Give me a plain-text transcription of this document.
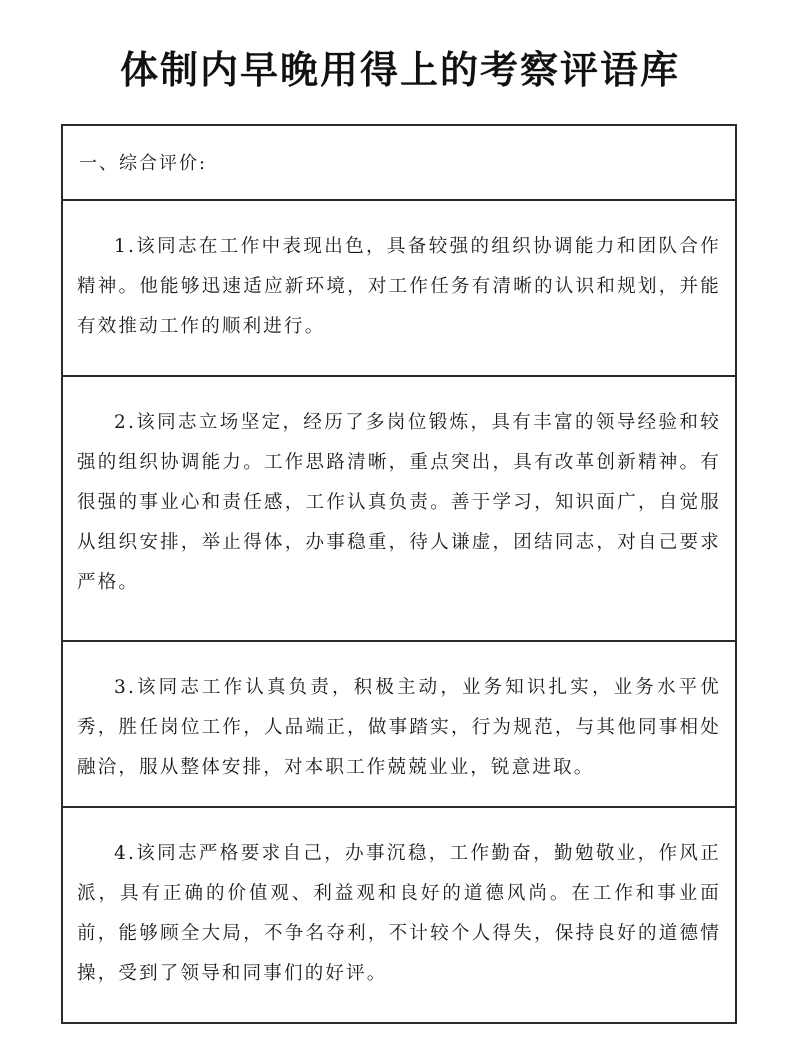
体制内早晚用得上的考察评语库
一、综合评价:
1.该同志在工作中表现出色，具备较强的组织协调能力和团队合作精神。他能够迅速适应新环境，对工作任务有清晰的认识和规划，并能有效推动工作的顺利进行。
2.该同志立场坚定，经历了多岗位锻炼，具有丰富的领导经验和较强的组织协调能力。工作思路清晰，重点突出，具有改革创新精神。有很强的事业心和责任感，工作认真负责。善于学习，知识面广，自觉服从组织安排，举止得体，办事稳重，待人谦虚，团结同志，对自己要求严格。
3.该同志工作认真负责，积极主动，业务知识扎实，业务水平优秀，胜任岗位工作，人品端正，做事踏实，行为规范，与其他同事相处融洽，服从整体安排，对本职工作兢兢业业，锐意进取。
4.该同志严格要求自己，办事沉稳，工作勤奋，勤勉敬业，作风正派，具有正确的价值观、利益观和良好的道德风尚。在工作和事业面前，能够顾全大局，不争名夺利，不计较个人得失，保持良好的道德情操，受到了领导和同事们的好评。
